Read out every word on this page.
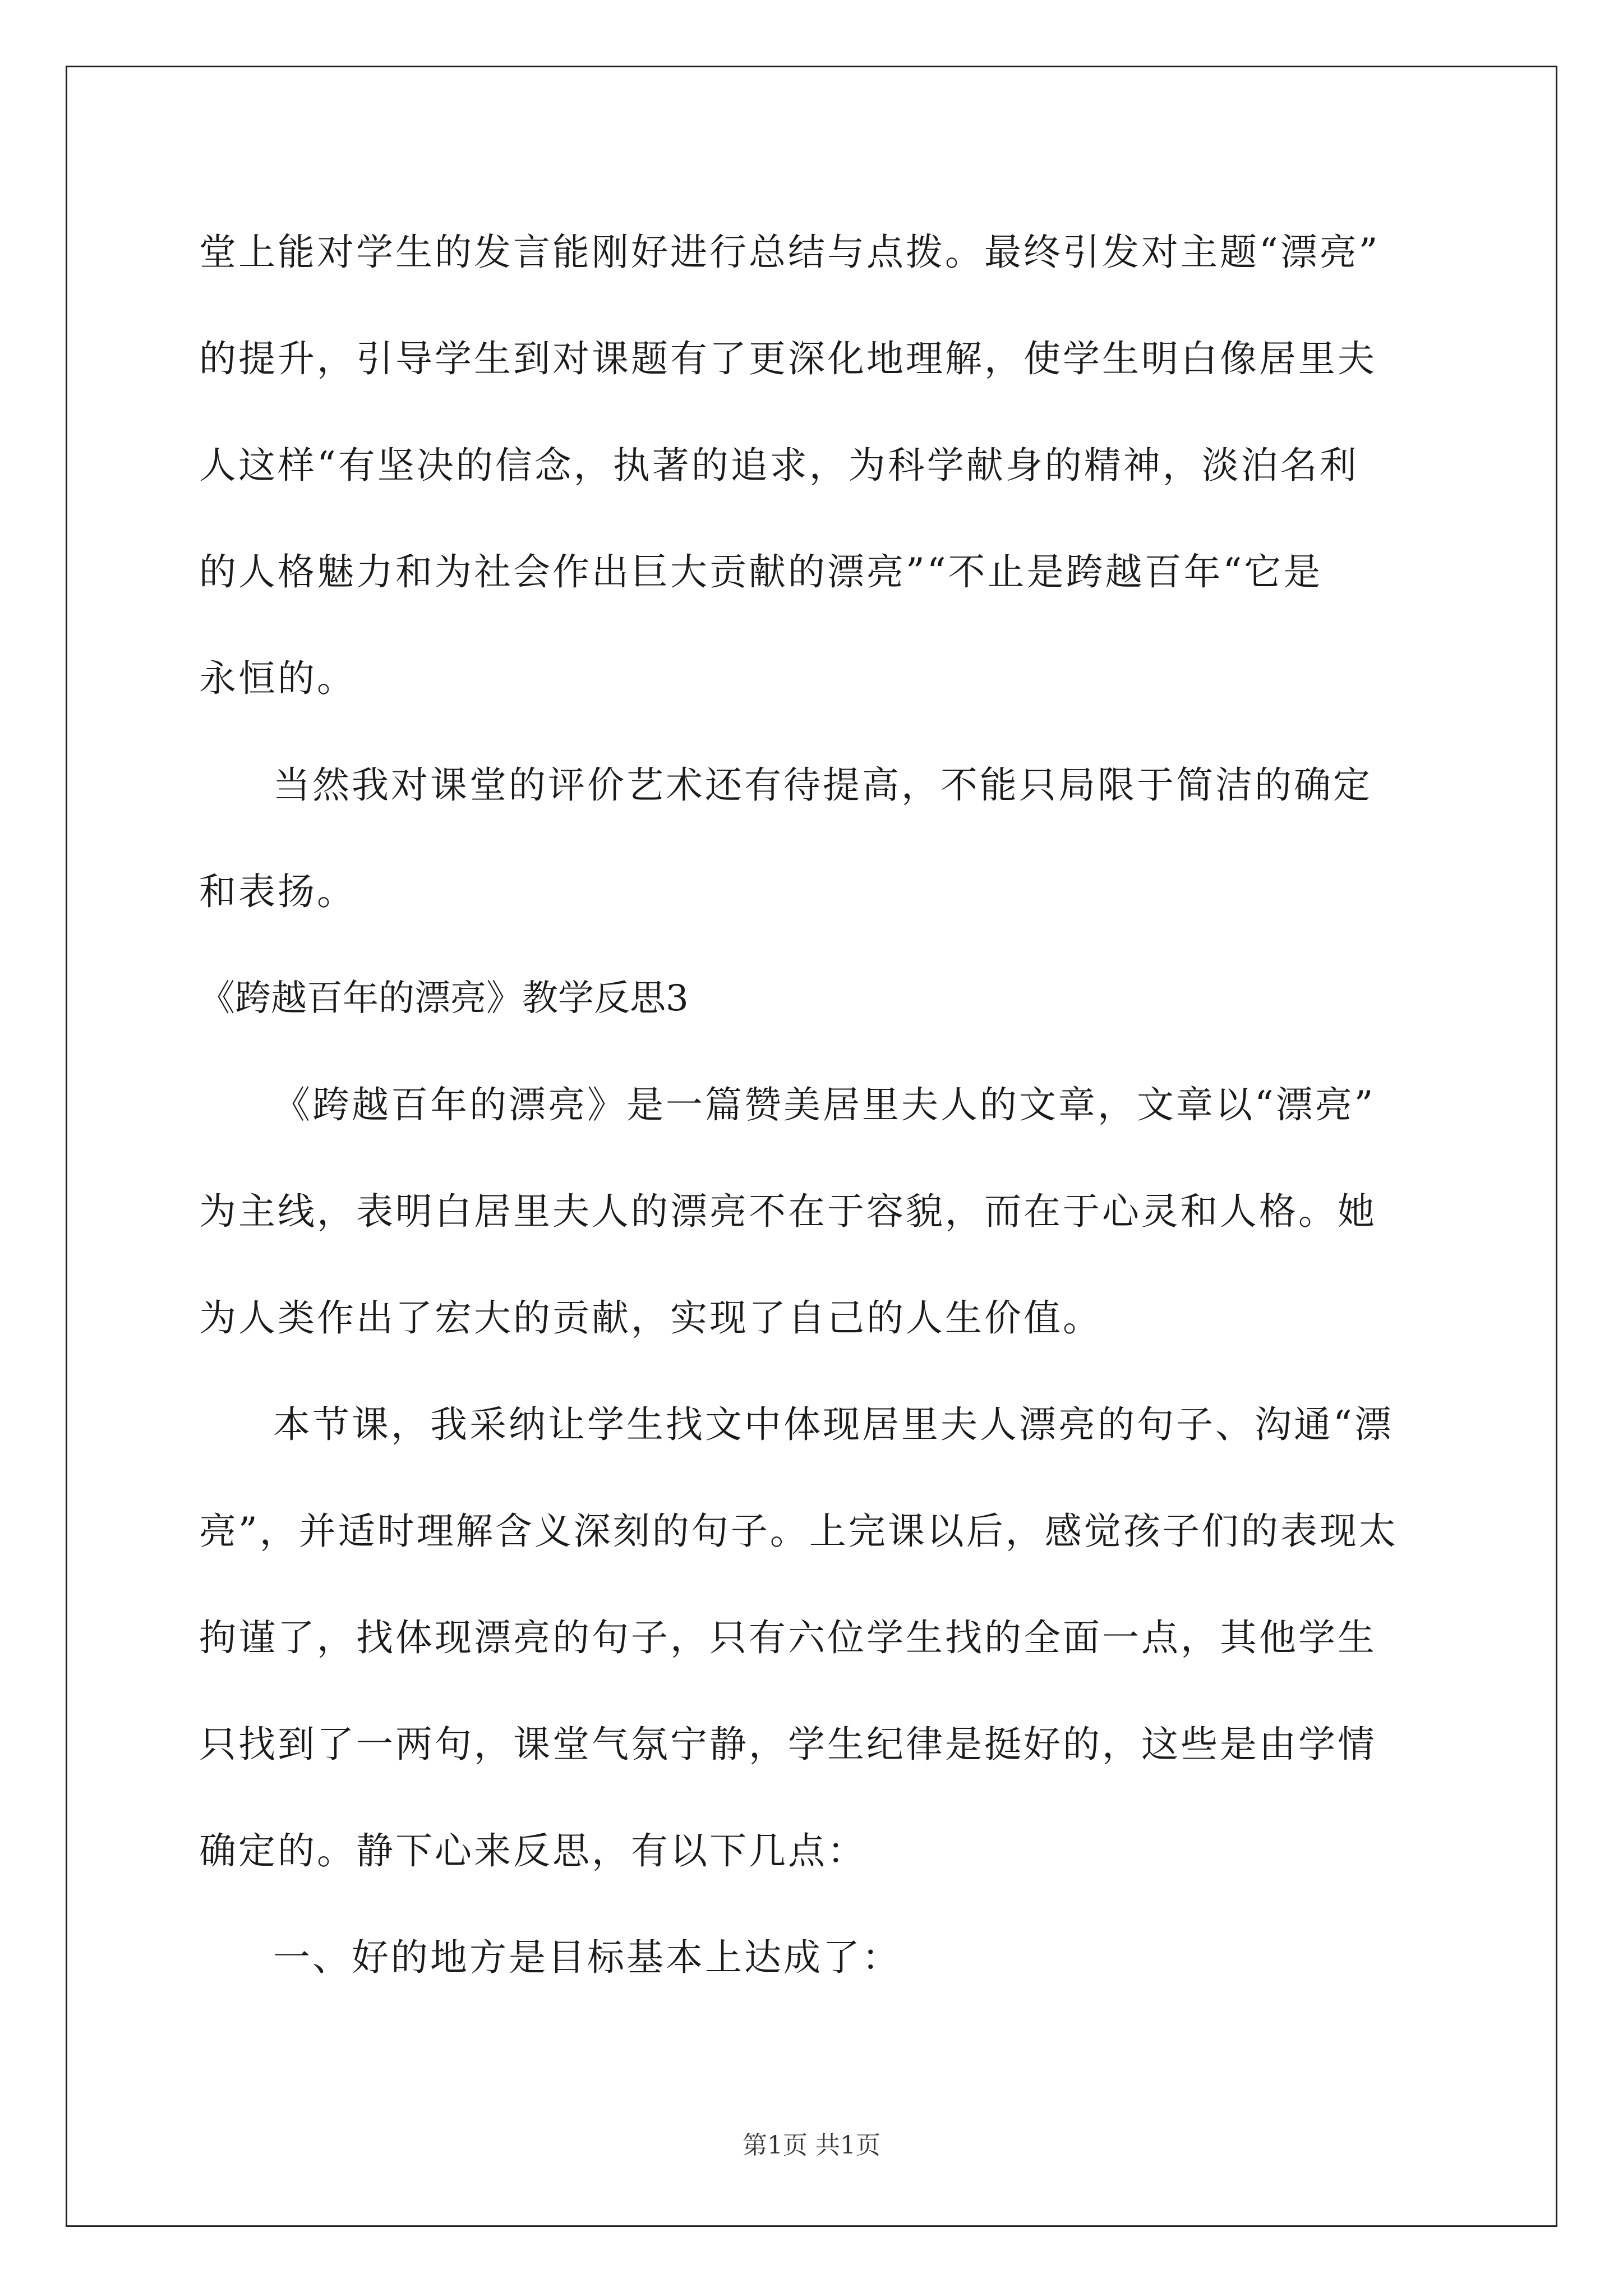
堂上能对学生的发言能刚好进行总结与点拨。最终引发对主题“漂亮”
的提升，引导学生到对课题有了更深化地理解，使学生明白像居里夫
人这样“有坚决的信念，执著的追求，为科学献身的精神，淡泊名利
的人格魅力和为社会作出巨大贡献的漂亮”“不止是跨越百年“它是
永恒的。
当然我对课堂的评价艺术还有待提高，不能只局限于简洁的确定
和表扬。
《跨越百年的漂亮》教学反思3
《跨越百年的漂亮》是一篇赞美居里夫人的文章，文章以“漂亮”
为主线，表明白居里夫人的漂亮不在于容貌，而在于心灵和人格。她
为人类作出了宏大的贡献，实现了自己的人生价值。
本节课，我采纳让学生找文中体现居里夫人漂亮的句子、沟通“漂
亮”，并适时理解含义深刻的句子。上完课以后，感觉孩子们的表现太
拘谨了，找体现漂亮的句子，只有六位学生找的全面一点，其他学生
只找到了一两句，课堂气氛宁静，学生纪律是挺好的，这些是由学情
确定的。静下心来反思，有以下几点：
一、好的地方是目标基本上达成了：
第1页 共1页
